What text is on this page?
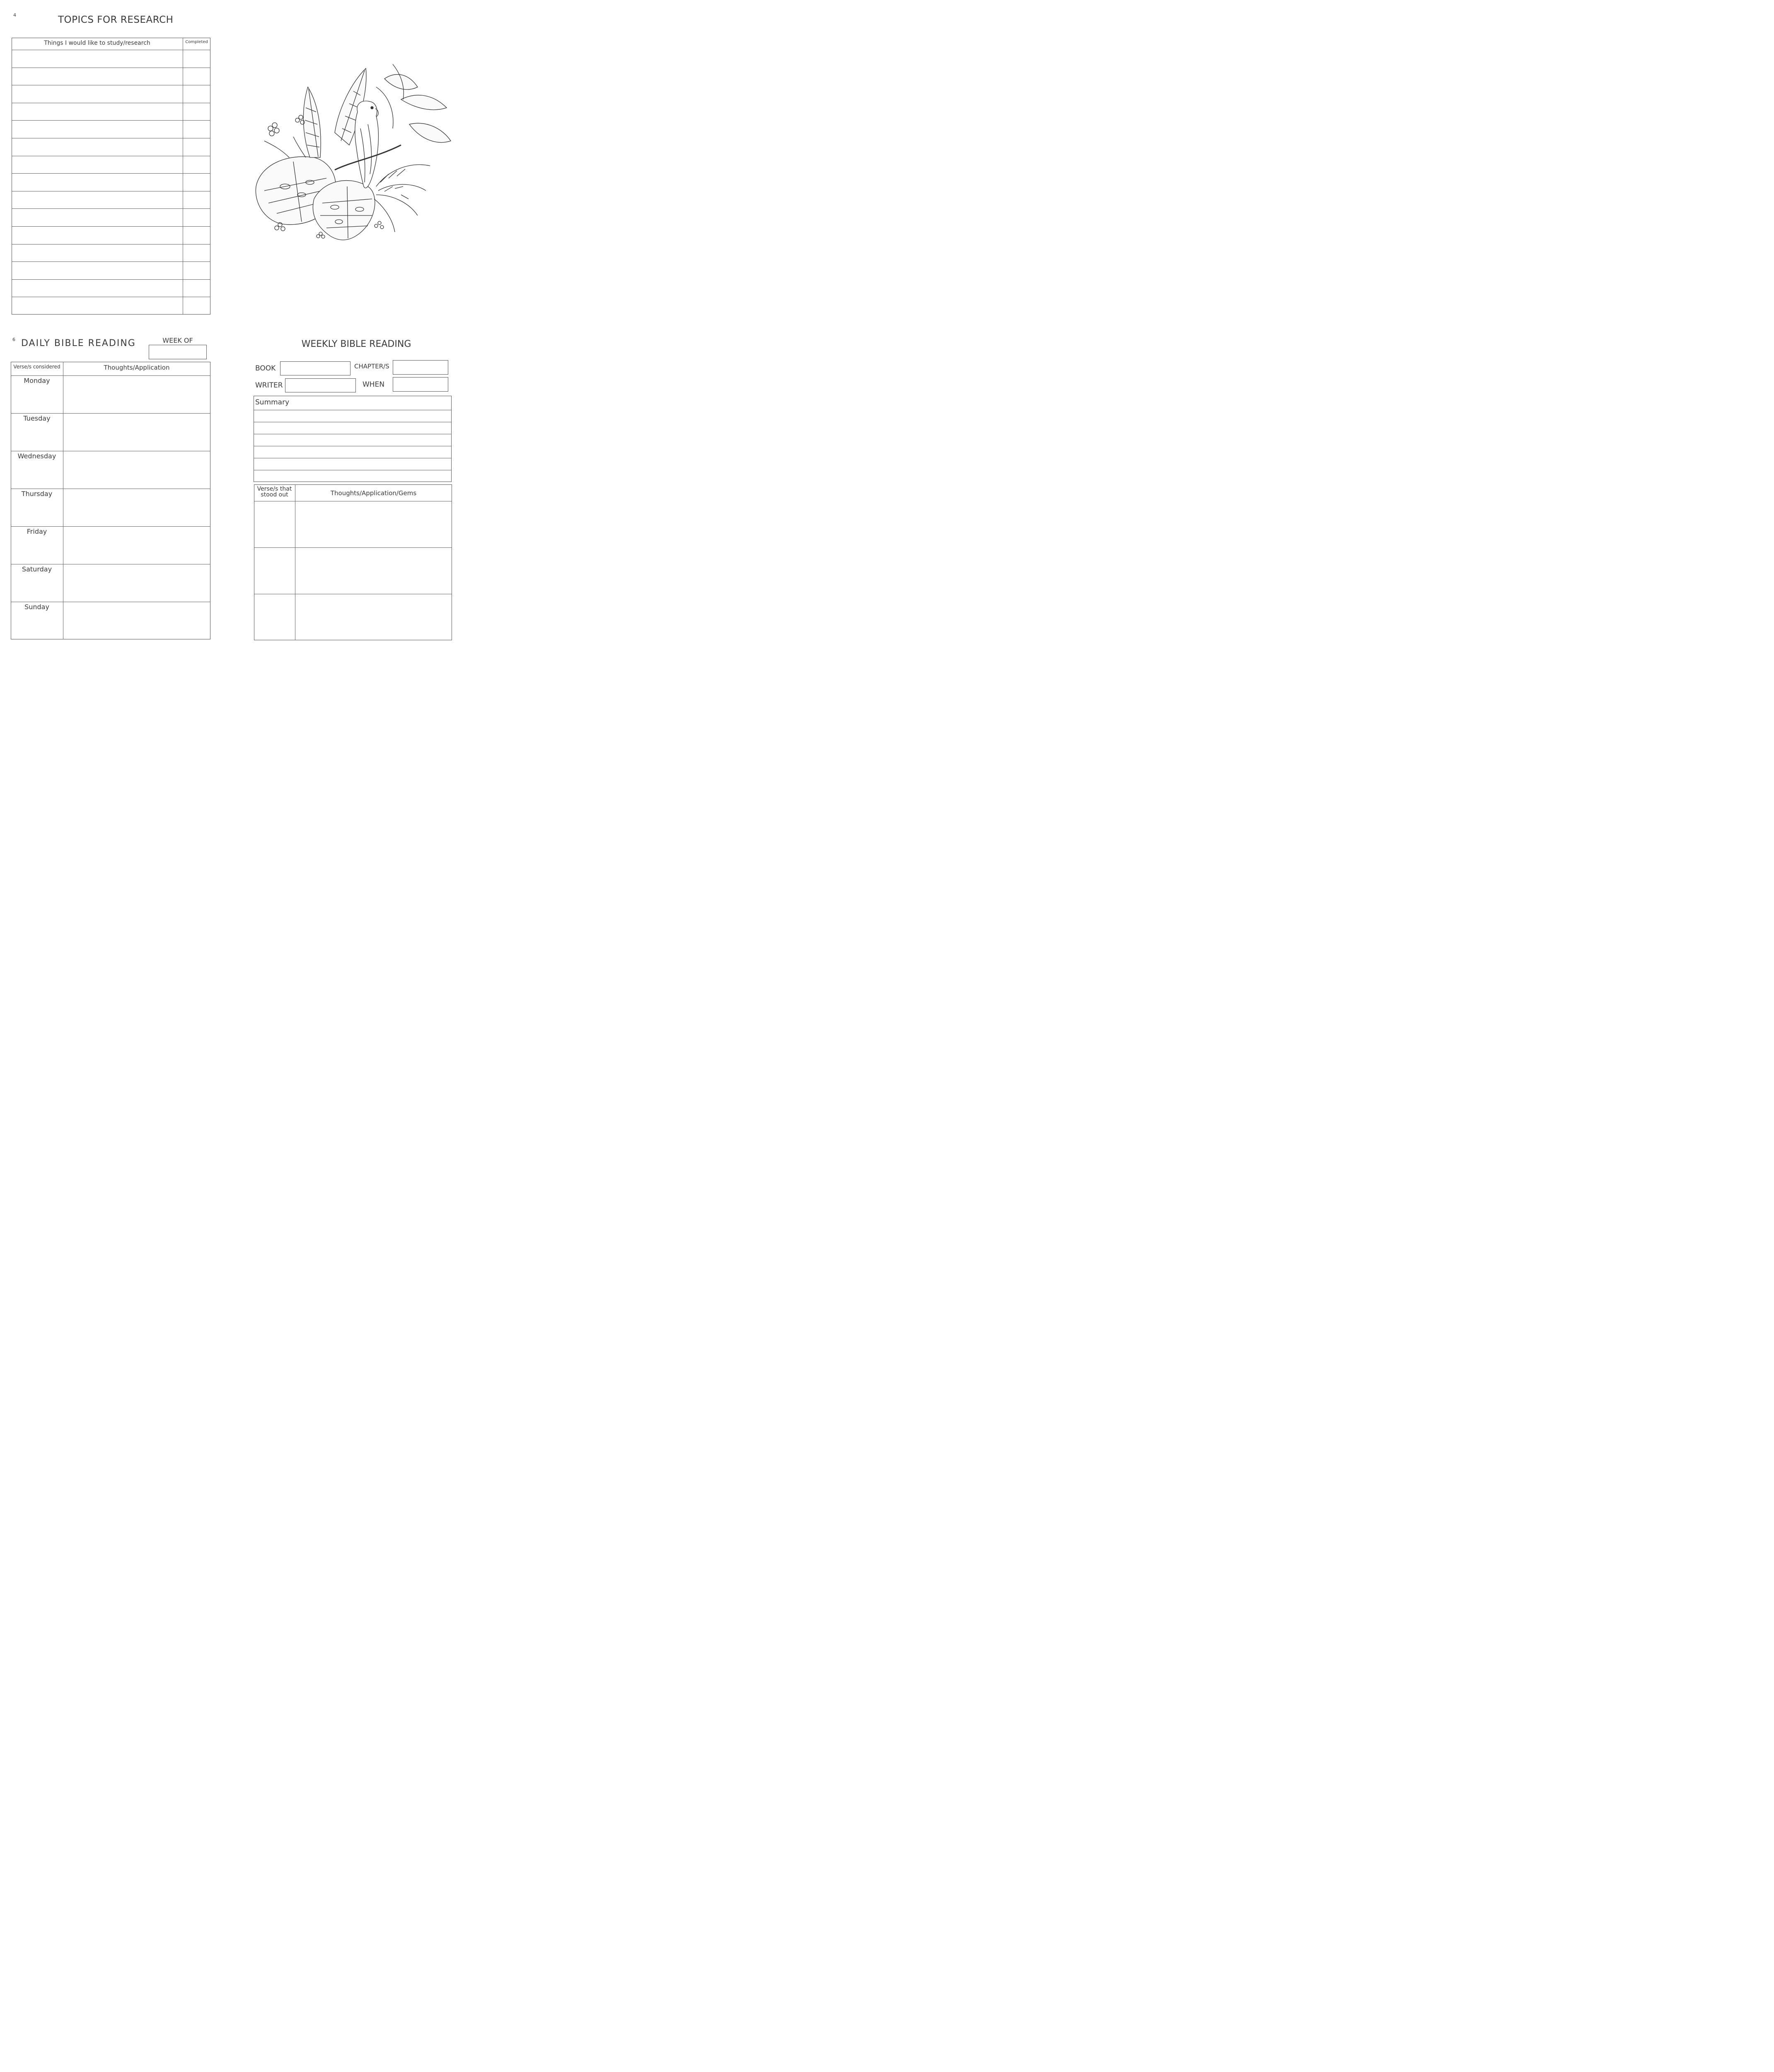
4	TOPICS FOR RESEARCH
Things I would like to study/research	Completed
6 DAILY BIBLE READING	WEEK OF
Verse/s considered	Thoughts/Application
Monday
Tuesday
Wednesday
Thursday
Friday
Saturday
Sunday
WEEKLY BIBLE READING
BOOK	CHAPTER/S
WRITER	WHEN
Summary
Verse/s that stood out	Thoughts/Application/Gems
